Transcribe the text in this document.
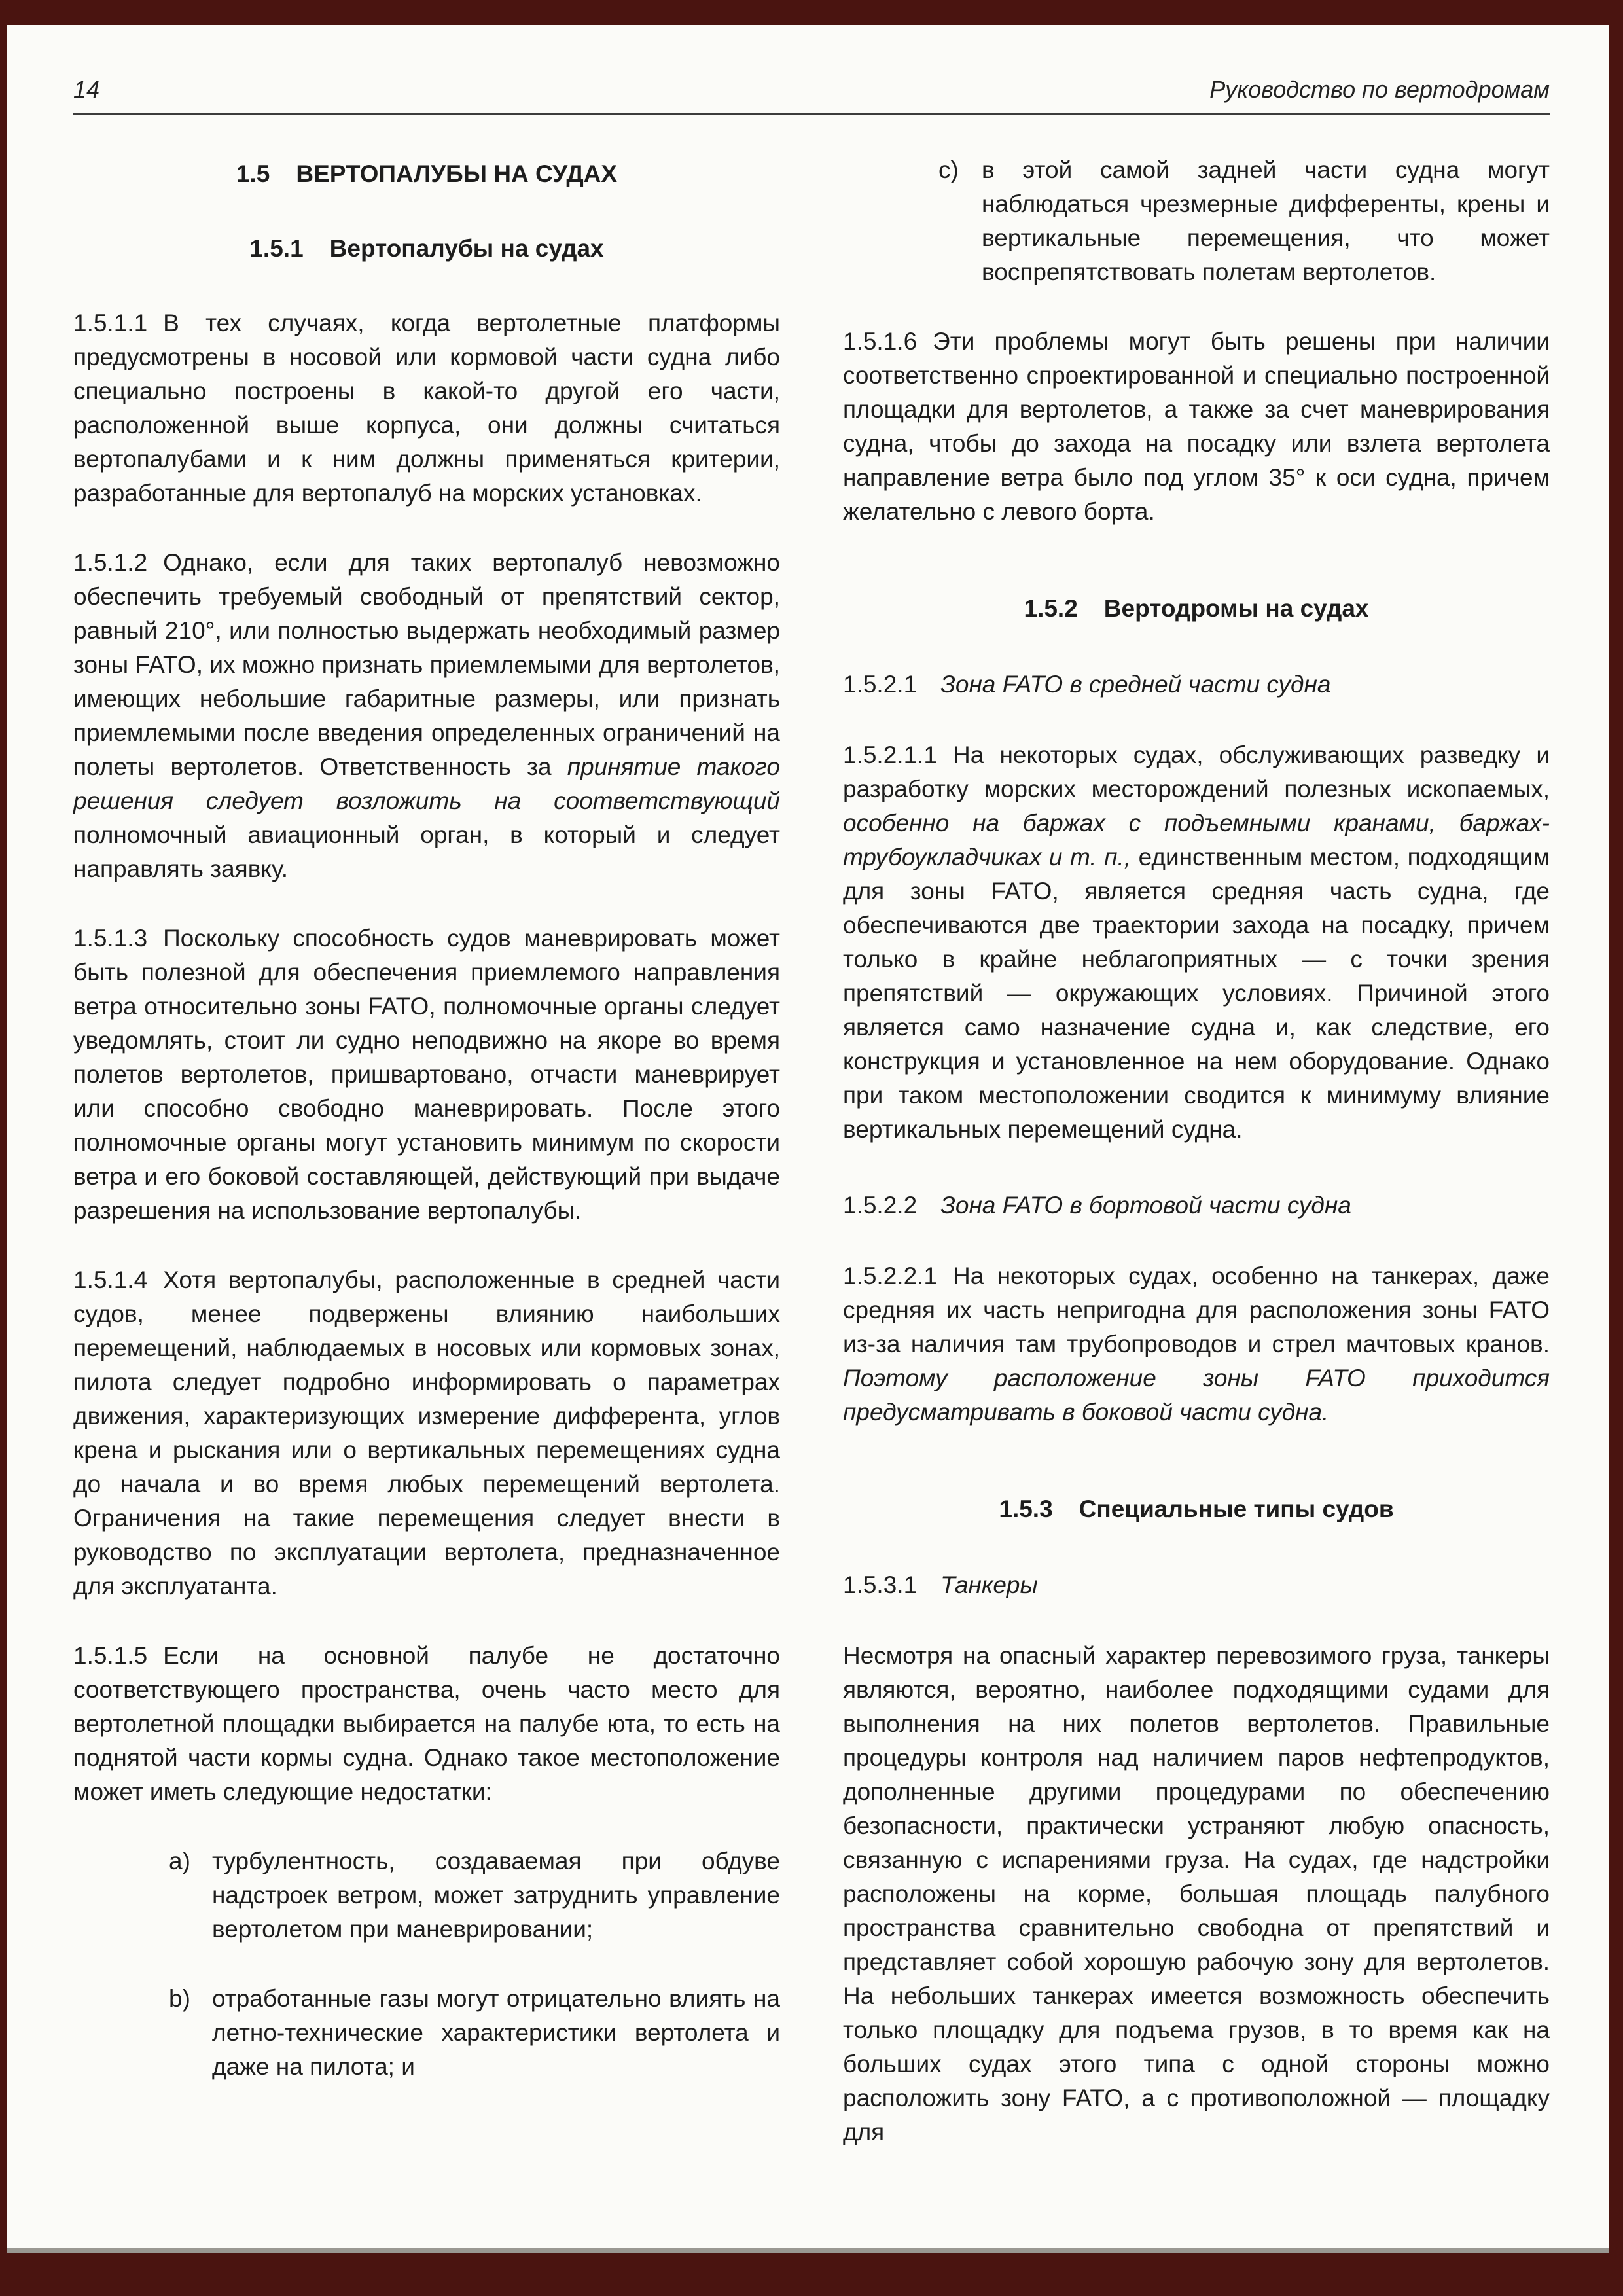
14	Руководство по вертодромам
1.5 ВЕРТОПАЛУБЫ НА СУДАХ
1.5.1 Вертопалубы на судах

1.5.1.1 В тех случаях, когда вертолетные платформы предусмотрены в носовой или кормовой части судна либо специально построены в какой-то другой его части, расположенной выше корпуса, они должны считаться вертопалубами и к ним должны применяться критерии, разработанные для вертопалуб на морских установках.

1.5.1.2 Однако, если для таких вертопалуб невозможно обеспечить требуемый свободный от препятствий сектор, равный 210°, или полностью выдержать необходимый размер зоны FATO, их можно признать приемлемыми для вертолетов, имеющих небольшие габаритные размеры, или признать приемлемыми после введения определенных ограничений на полеты вертолетов. Ответственность за принятие такого решения следует возложить на соответствующий полномочный авиационный орган, в который и следует направлять заявку.

1.5.1.3 Поскольку способность судов маневрировать может быть полезной для обеспечения приемлемого направления ветра относительно зоны FATO, полномочные органы следует уведомлять, стоит ли судно неподвижно на якоре во время полетов вертолетов, пришвартовано, отчасти маневрирует или способно свободно маневрировать. После этого полномочные органы могут установить минимум по скорости ветра и его боковой составляющей, действующий при выдаче разрешения на использование вертопалубы.

1.5.1.4 Хотя вертопалубы, расположенные в средней части судов, менее подвержены влиянию наибольших перемещений, наблюдаемых в носовых или кормовых зонах, пилота следует подробно информировать о параметрах движения, характеризующих измерение дифферента, углов крена и рыскания или о вертикальных перемещениях судна до начала и во время любых перемещений вертолета. Ограничения на такие перемещения следует внести в руководство по эксплуатации вертолета, предназначенное для эксплуатанта.

1.5.1.5 Если на основной палубе не достаточно соответствующего пространства, очень часто место для вертолетной площадки выбирается на палубе юта, то есть на поднятой части кормы судна. Однако такое местоположение может иметь следующие недостатки:

a) турбулентность, создаваемая при обдуве надстроек ветром, может затруднить управление вертолетом при маневрировании;
b) отработанные газы могут отрицательно влиять на летно-технические характеристики вертолета и даже на пилота; и
c) в этой самой задней части судна могут наблюдаться чрезмерные дифференты, крены и вертикальные перемещения, что может воспрепятствовать полетам вертолетов.

1.5.1.6 Эти проблемы могут быть решены при наличии соответственно спроектированной и специально построенной площадки для вертолетов, а также за счет маневрирования судна, чтобы до захода на посадку или взлета вертолета направление ветра было под углом 35° к оси судна, причем желательно с левого борта.

1.5.2 Вертодромы на судах
1.5.2.1 Зона FATO в средней части судна

1.5.2.1.1 На некоторых судах, обслуживающих разведку и разработку морских месторождений полезных ископаемых, особенно на баржах с подъемными кранами, баржах-трубоукладчиках и т. п., единственным местом, подходящим для зоны FATO, является средняя часть судна, где обеспечиваются две траектории захода на посадку, причем только в крайне неблагоприятных — с точки зрения препятствий — окружающих условиях. Причиной этого является само назначение судна и, как следствие, его конструкция и установленное на нем оборудование. Однако при таком местоположении сводится к минимуму влияние вертикальных перемещений судна.

1.5.2.2 Зона FATO в бортовой части судна

1.5.2.2.1 На некоторых судах, особенно на танкерах, даже средняя их часть непригодна для расположения зоны FATO из-за наличия там трубопроводов и стрел мачтовых кранов. Поэтому расположение зоны FATO приходится предусматривать в боковой части судна.

1.5.3 Специальные типы судов
1.5.3.1 Танкеры

Несмотря на опасный характер перевозимого груза, танкеры являются, вероятно, наиболее подходящими судами для выполнения на них полетов вертолетов. Правильные процедуры контроля над наличием паров нефтепродуктов, дополненные другими процедурами по обеспечению безопасности, практически устраняют любую опасность, связанную с испарениями груза. На судах, где надстройки расположены на корме, большая площадь палубного пространства сравнительно свободна от препятствий и представляет собой хорошую рабочую зону для вертолетов. На небольших танкерах имеется возможность обеспечить только площадку для подъема грузов, в то время как на больших судах этого типа с одной стороны можно расположить зону FATO, а с противоположной — площадку для
